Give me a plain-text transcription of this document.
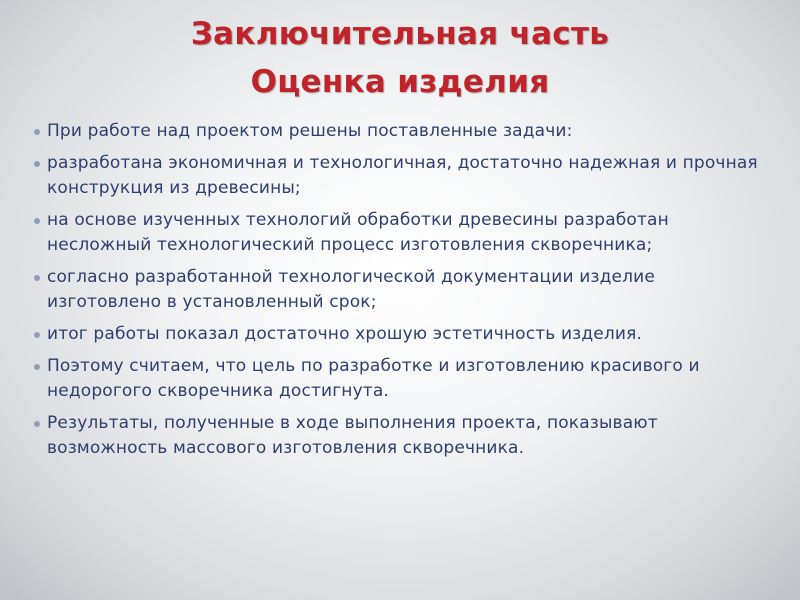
Заключительная часть
Оценка изделия
При работе над проектом решены поставленные задачи:
разработана экономичная и технологичная, достаточно надежная и прочная конструкция из древесины;
на основе изученных технологий обработки древесины разработан несложный технологический процесс изготовления скворечника;
согласно разработанной технологической документации изделие изготовлено в установленный срок;
итог работы показал достаточно хрошую эстетичность изделия.
Поэтому считаем, что цель по разработке и изготовлению красивого и недорогого скворечника достигнута.
Результаты, полученные в ходе выполнения проекта, показывают возможность массового изготовления скворечника.
